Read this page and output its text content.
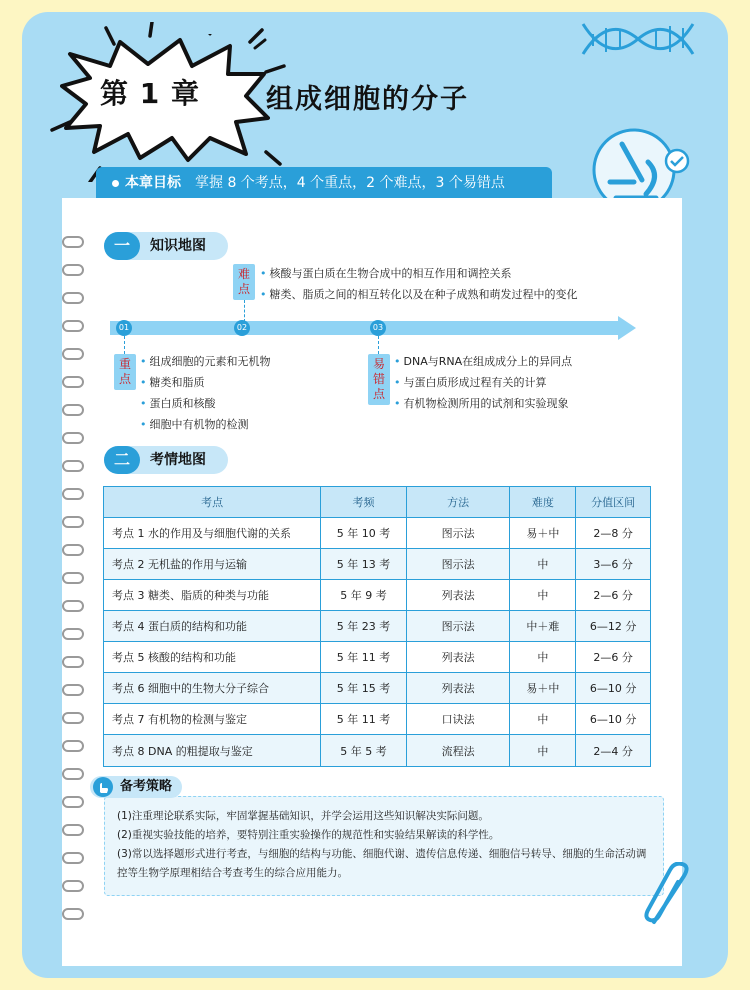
第 1 章 组成细胞的分子
本章目标 掌握 8 个考点，4 个重点，2 个难点，3 个易错点
一	知识地图
难点
• 核酸与蛋白质在生物合成中的相互作用和调控关系
• 糖类、脂质之间的相互转化以及在种子成熟和萌发过程中的变化
01	02	03
重点
• 组成细胞的元素和无机物
• 糖类和脂质
• 蛋白质和核酸
• 细胞中有机物的检测
易错点
• DNA与RNA在组成成分上的异同点
• 与蛋白质形成过程有关的计算
• 有机物检测所用的试剂和实验现象
二	考情地图
考点	考频	方法	难度	分值区间
考点 1 水的作用及与细胞代谢的关系	5 年 10 考	图示法	易＋中	2—8 分
考点 2 无机盐的作用与运输	5 年 13 考	图示法	中	3—6 分
考点 3 糖类、脂质的种类与功能	5 年 9 考	列表法	中	2—6 分
考点 4 蛋白质的结构和功能	5 年 23 考	图示法	中＋难	6—12 分
考点 5 核酸的结构和功能	5 年 11 考	列表法	中	2—6 分
考点 6 细胞中的生物大分子综合	5 年 15 考	列表法	易＋中	6—10 分
考点 7 有机物的检测与鉴定	5 年 11 考	口诀法	中	6—10 分
考点 8 DNA 的粗提取与鉴定	5 年 5 考	流程法	中	2—4 分
(1)注重理论联系实际，牢固掌握基础知识，并学会运用这些知识解决实际问题。
(2)重视实验技能的培养，要特别注重实验操作的规范性和实验结果解读的科学性。
(3)常以选择题形式进行考查，与细胞的结构与功能、细胞代谢、遗传信息传递、细胞信号转导、细胞的生命活动调控等生物学原理相结合考查考生的综合应用能力。
备考策略
